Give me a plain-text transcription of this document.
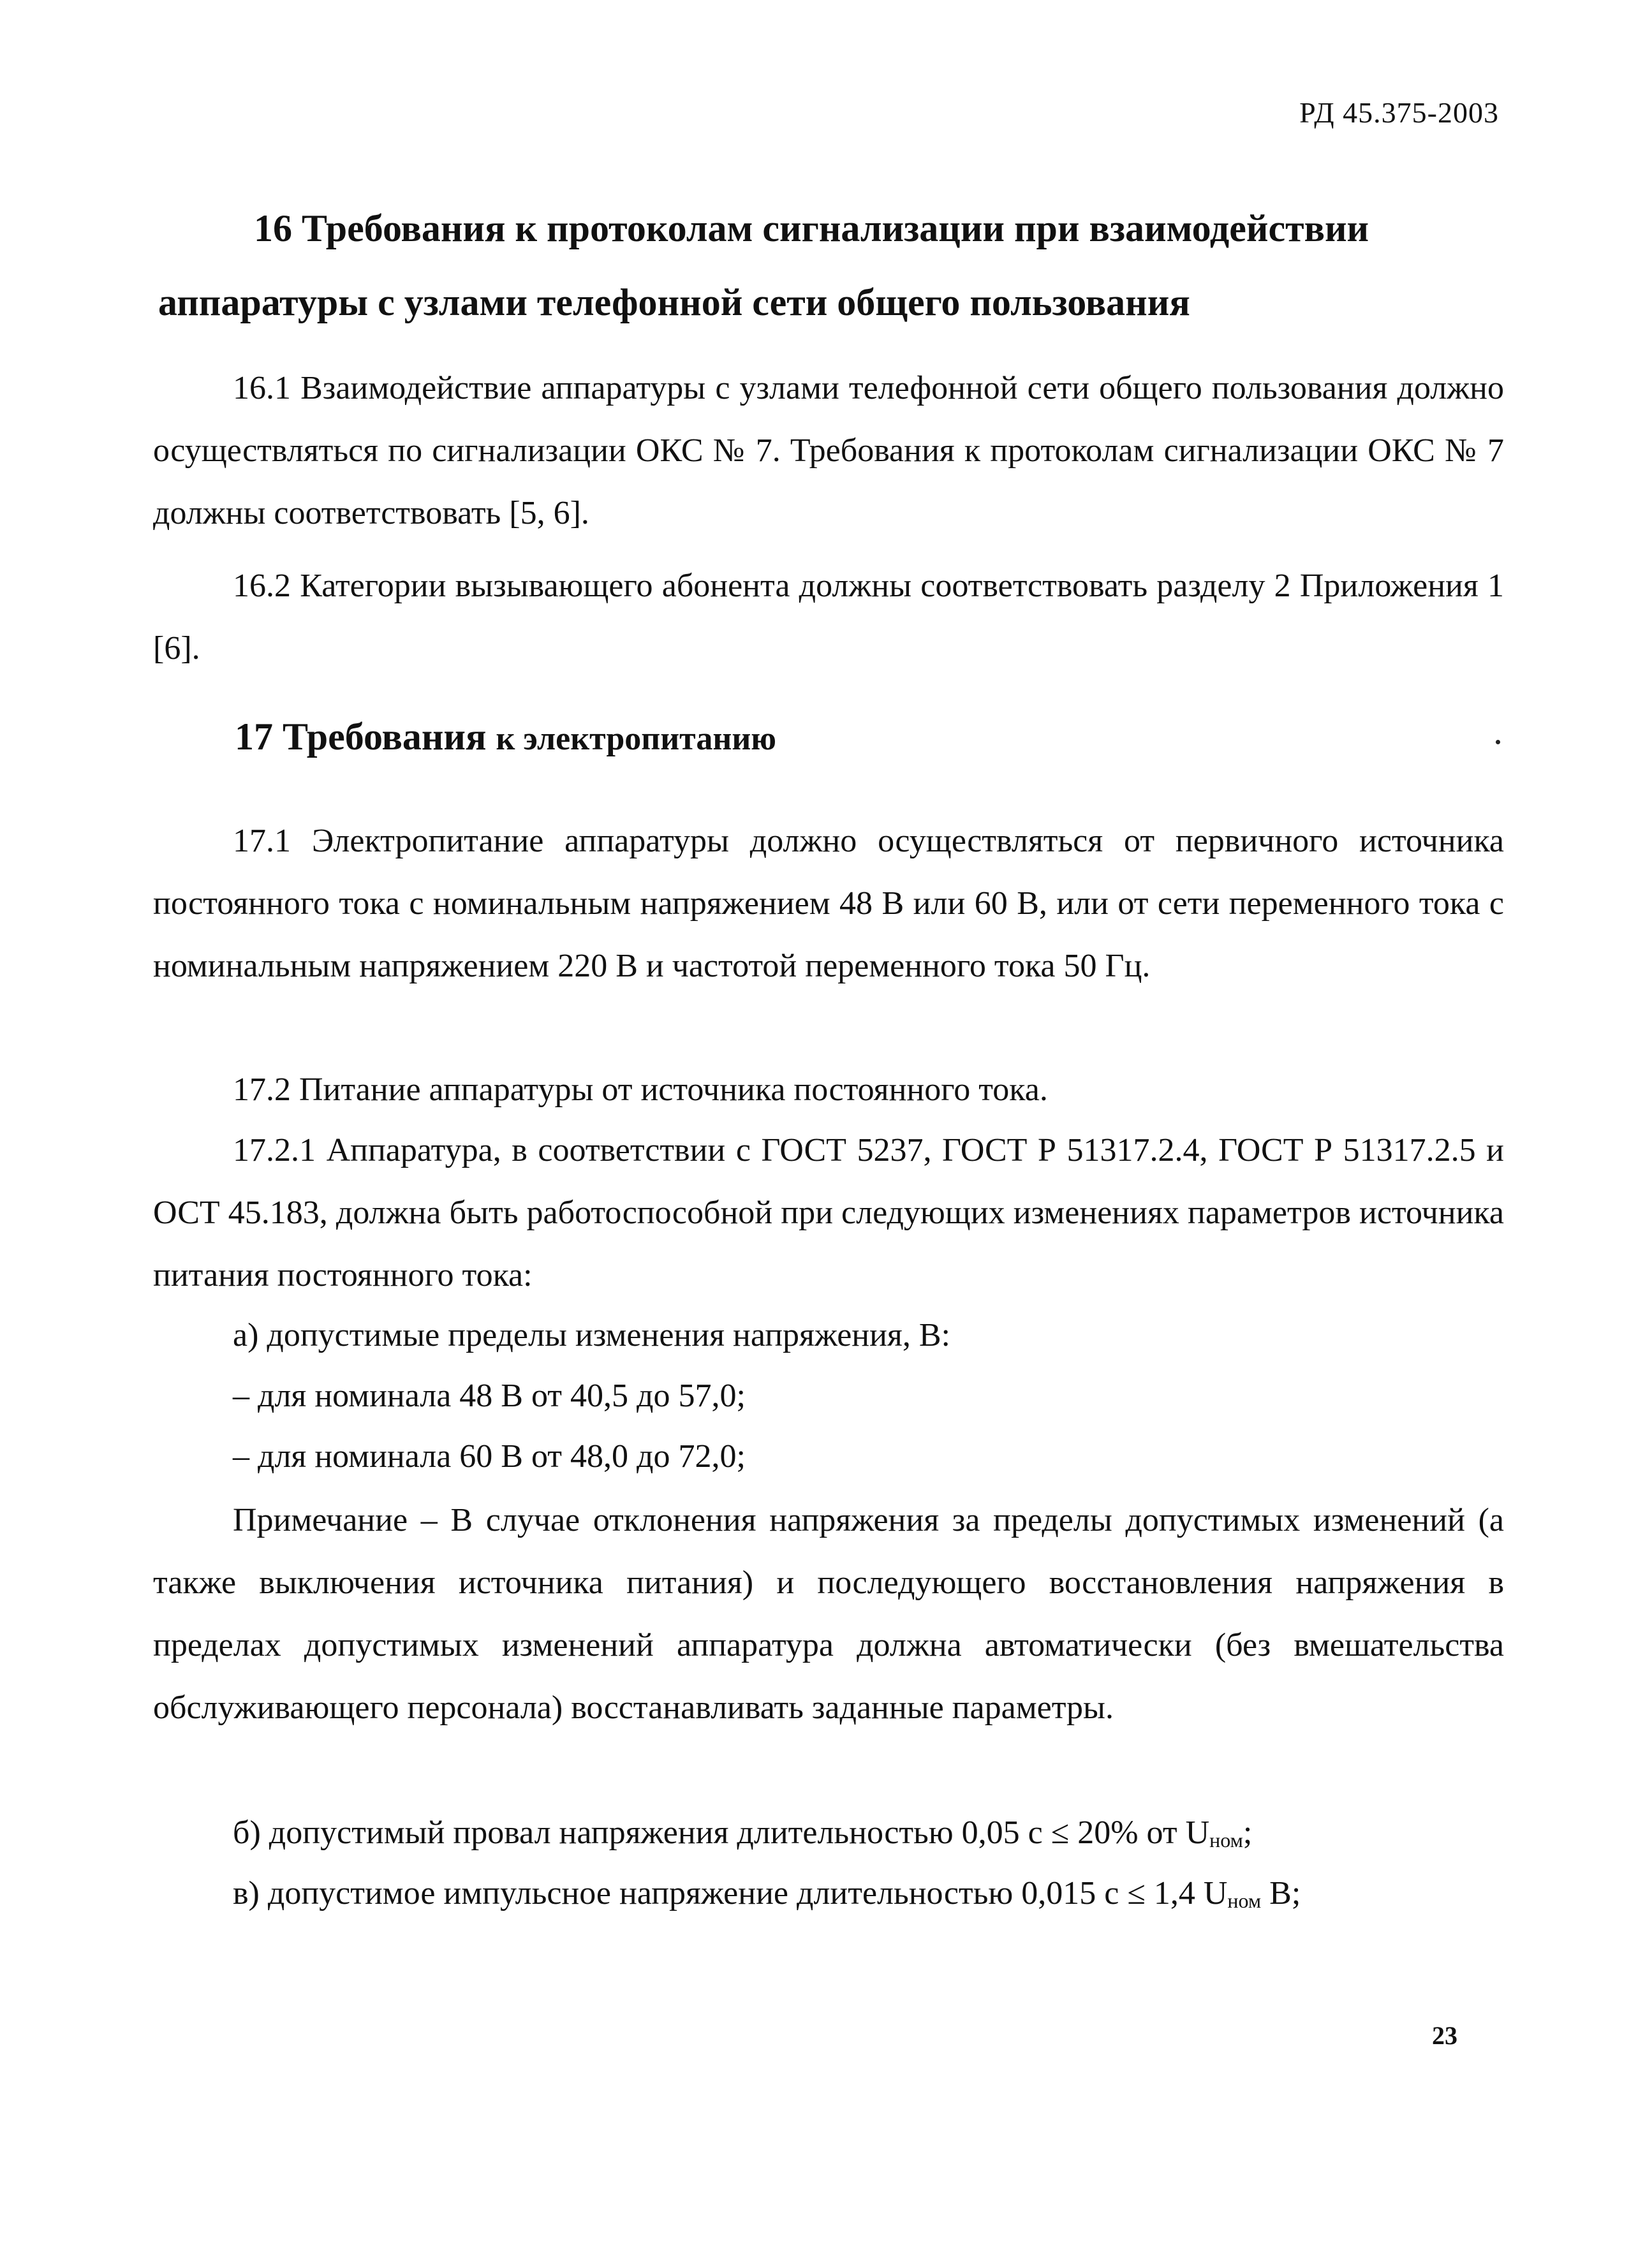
РД 45.375-2003
16 Требования к протоколам сигнализации при взаимодействии
аппаратуры с узлами телефонной сети общего пользования

16.1 Взаимодействие аппаратуры с узлами телефонной сети общего пользования должно осуществляться по сигнализации ОКС № 7. Требования к протоколам сигнализации ОКС № 7 должны соответствовать [5, 6].

16.2 Категории вызывающего абонента должны соответствовать разделу 2 Приложения 1 [6].

17 Требования к электропитанию

17.1 Электропитание аппаратуры должно осуществляться от первичного источника постоянного тока с номинальным напряжением 48 В или 60 В, или от сети переменного тока с номинальным напряжением 220 В и частотой переменного тока 50 Гц.

17.2 Питание аппаратуры от источника постоянного тока.

17.2.1 Аппаратура, в соответствии с ГОСТ 5237, ГОСТ Р 51317.2.4, ГОСТ Р 51317.2.5 и ОСТ 45.183, должна быть работоспособной при следующих изменениях параметров источника питания постоянного тока:

а) допустимые пределы изменения напряжения, В:

– для номинала 48 В от 40,5 до 57,0;

– для номинала 60 В от 48,0 до 72,0;

Примечание – В случае отклонения напряжения за пределы допустимых изменений (а также выключения источника питания) и последующего восстановления напряжения в пределах допустимых изменений аппаратура должна автоматически (без вмешательства обслуживающего персонала) восстанавливать заданные параметры.

б) допустимый провал напряжения длительностью 0,05 с ≤ 20% от $U_{ном}$;

в) допустимое импульсное напряжение длительностью 0,015 с ≤ 1,4 $U_{ном}$ В;

23
